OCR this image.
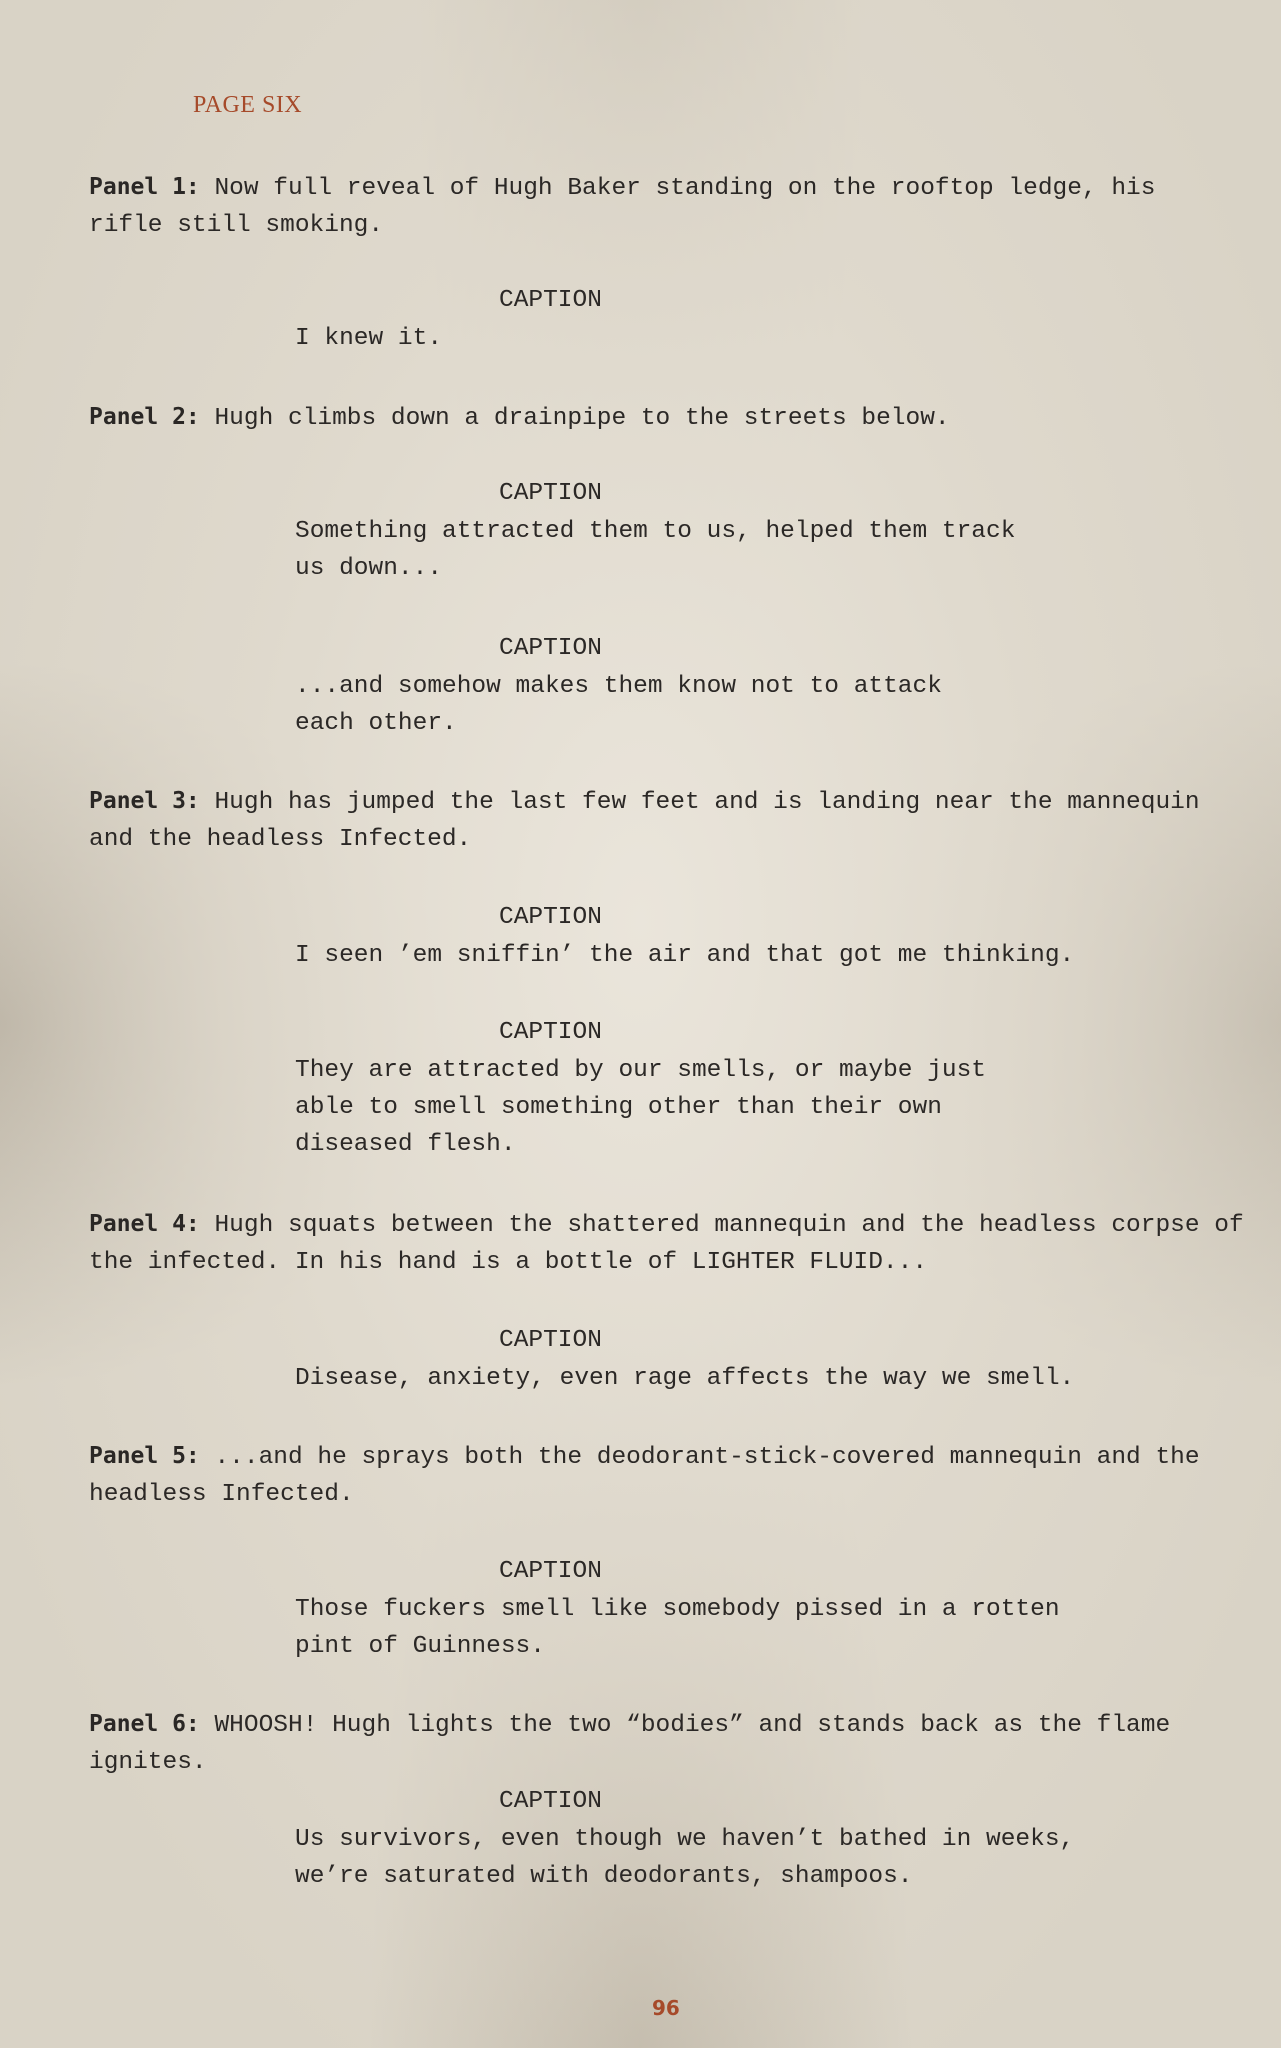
PAGE SIX
Panel 1: Now full reveal of Hugh Baker standing on the rooftop ledge, his rifle still smoking.
CAPTION
I knew it.
Panel 2: Hugh climbs down a drainpipe to the streets below.
CAPTION
Something attracted them to us, helped them track us down...
CAPTION
...and somehow makes them know not to attack each other.
Panel 3: Hugh has jumped the last few feet and is landing near the mannequin and the headless Infected.
CAPTION
I seen ’em sniffin’ the air and that got me thinking.
CAPTION
They are attracted by our smells, or maybe just able to smell something other than their own diseased flesh.
Panel 4: Hugh squats between the shattered mannequin and the headless corpse of the infected. In his hand is a bottle of LIGHTER FLUID...
CAPTION
Disease, anxiety, even rage affects the way we smell.
Panel 5: ...and he sprays both the deodorant-stick-covered mannequin and the headless Infected.
CAPTION
Those fuckers smell like somebody pissed in a rotten pint of Guinness.
Panel 6: WHOOSH! Hugh lights the two “bodies” and stands back as the flame ignites.
CAPTION
Us survivors, even though we haven’t bathed in weeks, we’re saturated with deodorants, shampoos.
96
